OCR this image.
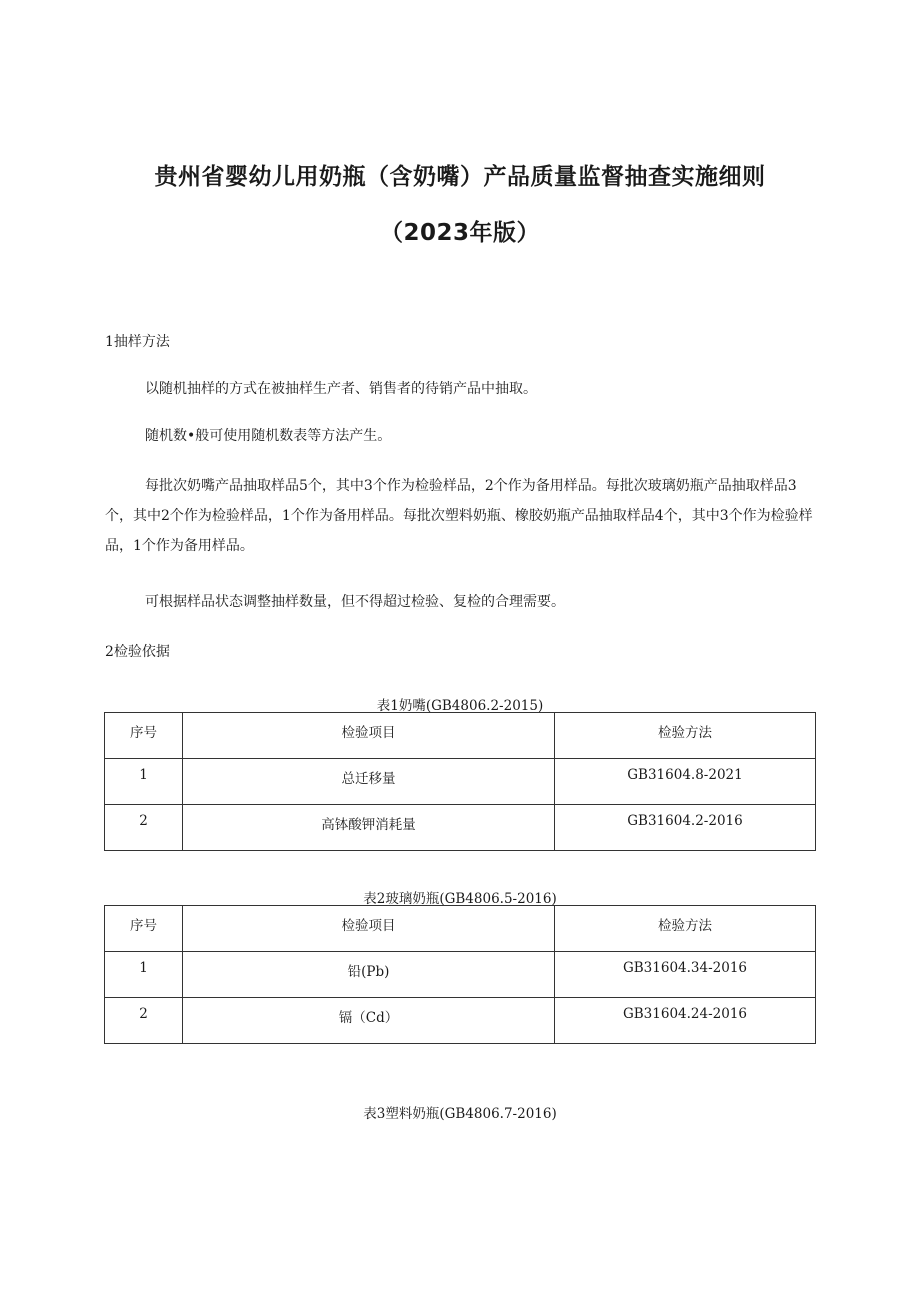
贵州省婴幼儿用奶瓶（含奶嘴）产品质量监督抽查实施细则
（2023年版）
1抽样方法
以随机抽样的方式在被抽样生产者、销售者的待销产品中抽取。
随机数•般可使用随机数表等方法产生。
每批次奶嘴产品抽取样品5个，其中3个作为检验样品，2个作为备用样品。每批次玻璃奶瓶产品抽取样品3个，其中2个作为检验样品，1个作为备用样品。每批次塑料奶瓶、橡胶奶瓶产品抽取样品4个，其中3个作为检验样品，1个作为备用样品。
可根据样品状态调整抽样数量，但不得超过检验、复检的合理需要。
2检验依据
表1奶嘴(GB4806.2-2015)
序号	检验项目	检验方法
1	总迁移量	GB31604.8-2021
2	高钵酸钾消耗量	GB31604.2-2016
表2玻璃奶瓶(GB4806.5-2016)
序号	检验项目	检验方法
1	铅(Pb)	GB31604.34-2016
2	镉（Cd）	GB31604.24-2016
表3塑料奶瓶(GB4806.7-2016)
